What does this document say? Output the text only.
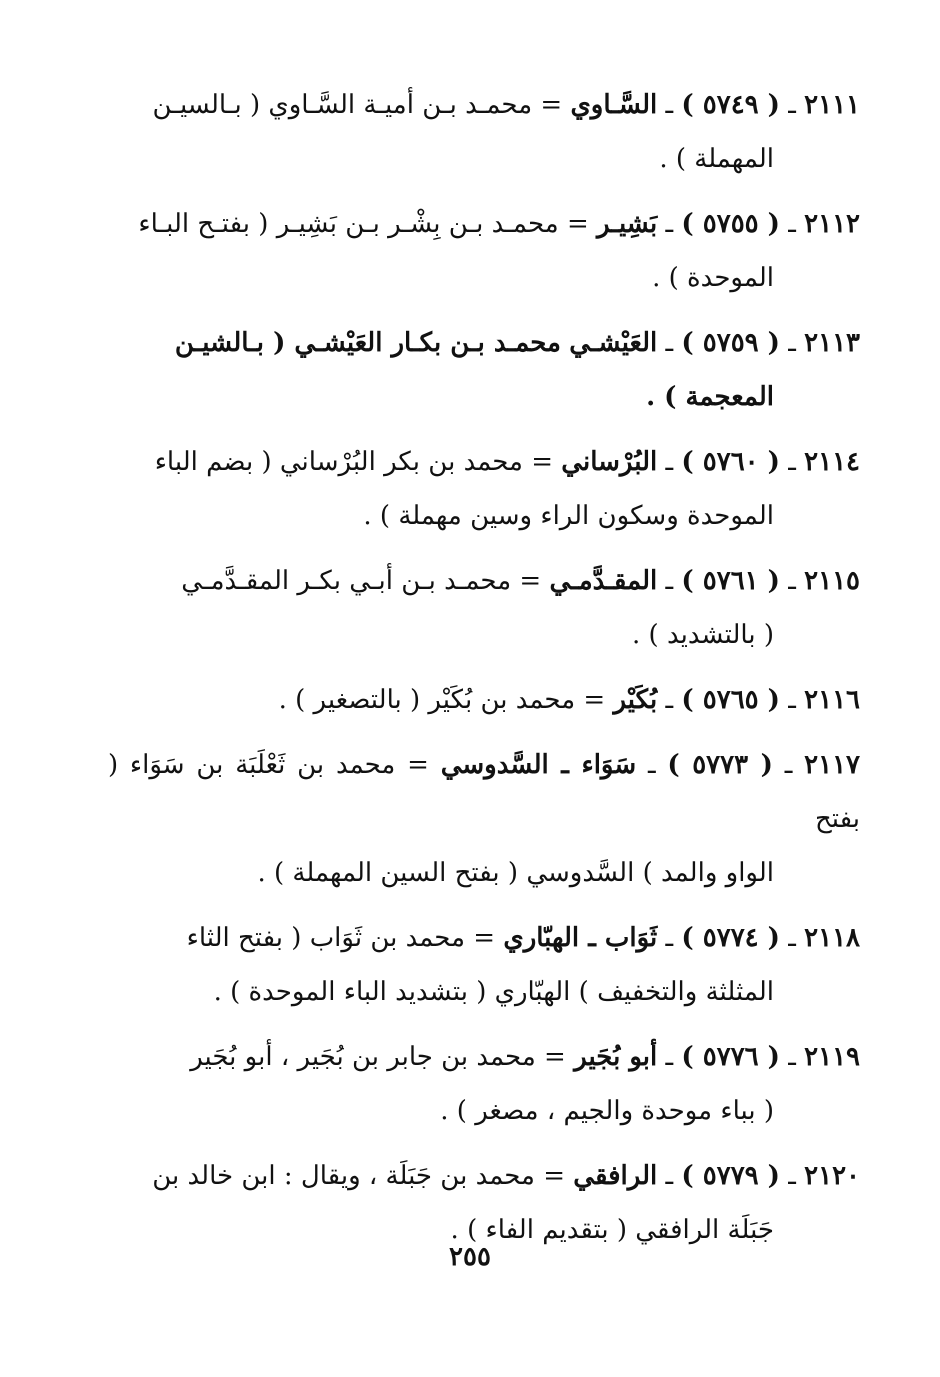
٢١١١ ـ ( ٥٧٤٩ ) ـ السَّـاوي = محمـد بـن أميـة السَّـاوي ( بـالسيـن
المهملة ) .
٢١١٢ ـ ( ٥٧٥٥ ) ـ بَشِيـر = محمـد بـن بِشْـر بـن بَشِيـر ( بفتـح البـاء
الموحدة ) .
٢١١٣ ـ ( ٥٧٥٩ ) ـ العَيْشـي محمـد بـن بكـار العَيْشـي ( بـالشيـن
المعجمة ) .
٢١١٤ ـ ( ٥٧٦٠ ) ـ البُرْساني = محمد بن بكر البُرْساني ( بضم الباء
الموحدة وسكون الراء وسين مهملة ) .
٢١١٥ ـ ( ٥٧٦١ ) ـ المقـدَّمـي = محمـد بـن أبـي بكـر المقـدَّمـي
( بالتشديد ) .
٢١١٦ ـ ( ٥٧٦٥ ) ـ بُكَيْر = محمد بن بُكَيْر ( بالتصغير ) .
٢١١٧ ـ ( ٥٧٧٣ ) ـ سَوَاء ـ السَّدوسي = محمد بن ثَعْلَبَة بن سَوَاء ( بفتح
الواو والمد ) السَّدوسي ( بفتح السين المهملة ) .
٢١١٨ ـ ( ٥٧٧٤ ) ـ ثَوَاب ـ الهبّاري = محمد بن ثَوَاب ( بفتح الثاء
المثلثة والتخفيف ) الهبّاري ( بتشديد الباء الموحدة ) .
٢١١٩ ـ ( ٥٧٧٦ ) ـ أبو بُجَير = محمد بن جابر بن بُجَير ، أبو بُجَير
( بباء موحدة والجيم ، مصغر ) .
٢١٢٠ ـ ( ٥٧٧٩ ) ـ الرافقي = محمد بن جَبَلَة ، ويقال : ابن خالد بن
جَبَلَة الرافقي ( بتقديم الفاء ) .
٢٥٥
